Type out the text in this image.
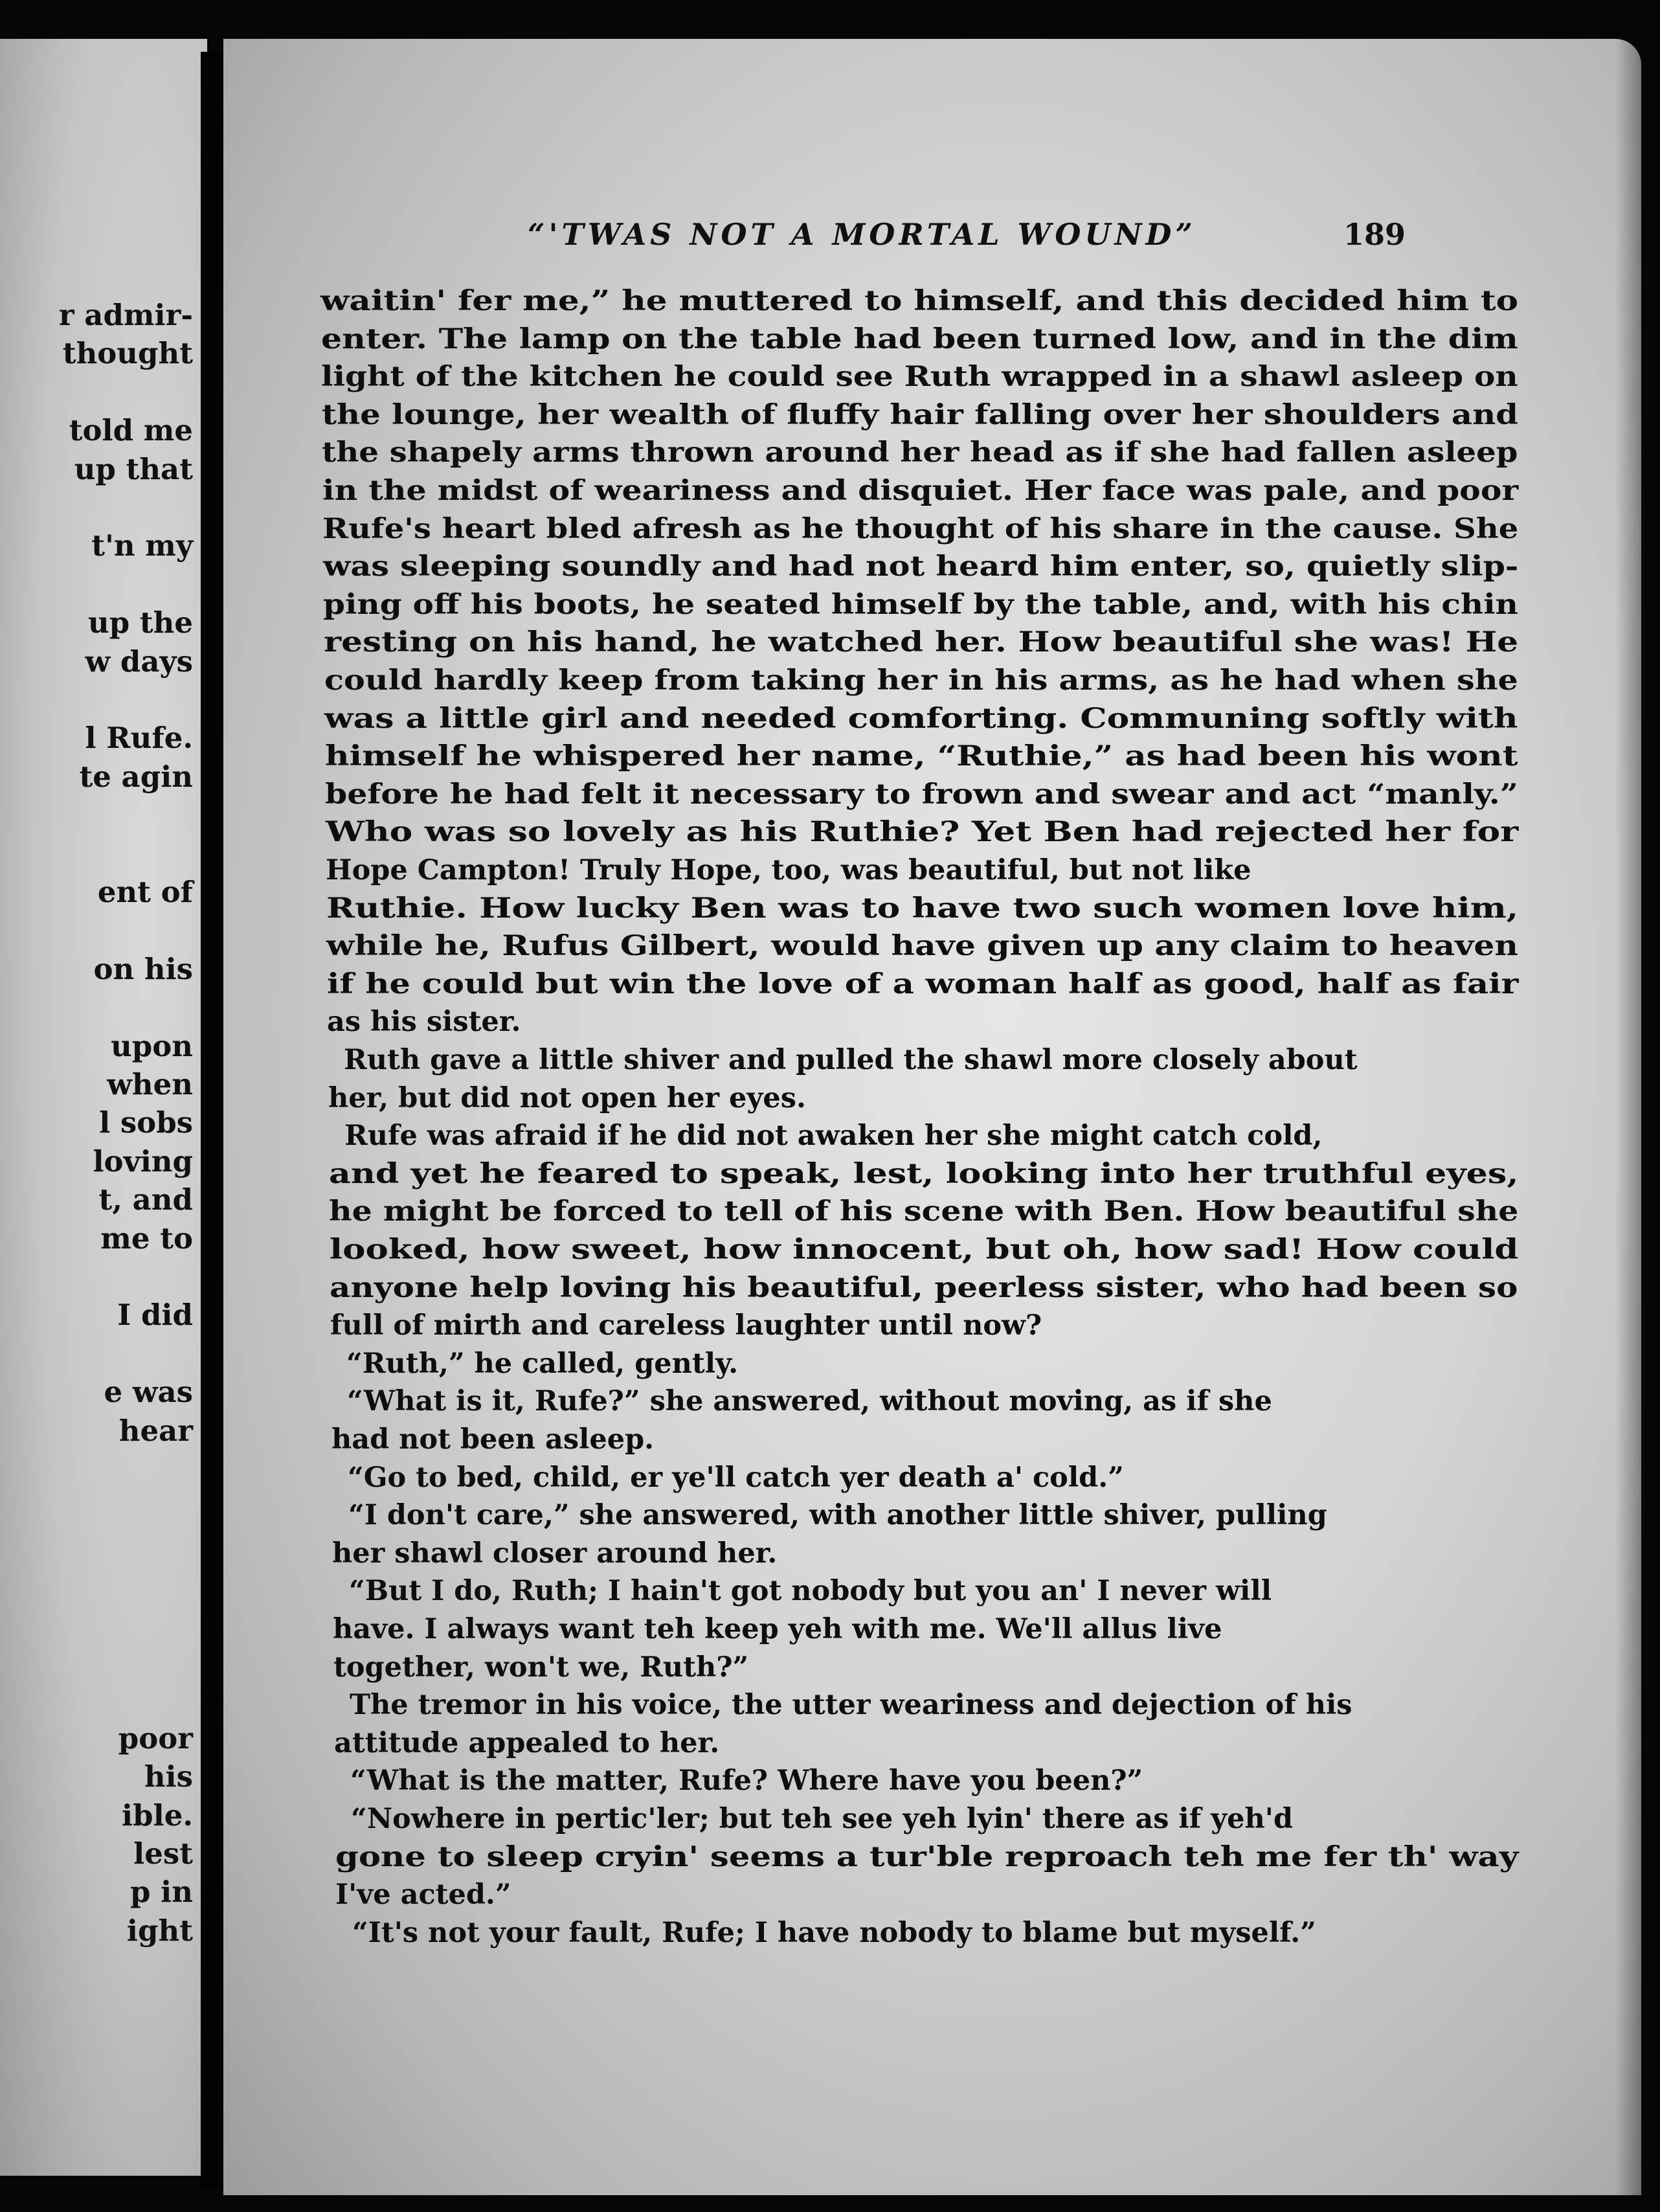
r admir-
thought
told me
up that
t'n my
up the
w days
l Rufe.
te agin
ent of
on his
upon
when
l sobs
loving
t, and
me to
I did
e was
hear
poor
his
ible.
lest
p in
ight
“'TWAS NOT A MORTAL WOUND”	189
waitin' fer me,” he muttered to himself, and this decided him to
enter. The lamp on the table had been turned low, and in the dim
light of the kitchen he could see Ruth wrapped in a shawl asleep on
the lounge, her wealth of fluffy hair falling over her shoulders and
the shapely arms thrown around her head as if she had fallen asleep
in the midst of weariness and disquiet. Her face was pale, and poor
Rufe's heart bled afresh as he thought of his share in the cause. She
was sleeping soundly and had not heard him enter, so, quietly slip-
ping off his boots, he seated himself by the table, and, with his chin
resting on his hand, he watched her. How beautiful she was! He
could hardly keep from taking her in his arms, as he had when she
was a little girl and needed comforting. Communing softly with
himself he whispered her name, “Ruthie,” as had been his wont
before he had felt it necessary to frown and swear and act “manly.”
Who was so lovely as his Ruthie? Yet Ben had rejected her for
Hope Campton! Truly Hope, too, was beautiful, but not like
Ruthie. How lucky Ben was to have two such women love him,
while he, Rufus Gilbert, would have given up any claim to heaven
if he could but win the love of a woman half as good, half as fair
as his sister.
Ruth gave a little shiver and pulled the shawl more closely about
her, but did not open her eyes.
Rufe was afraid if he did not awaken her she might catch cold,
and yet he feared to speak, lest, looking into her truthful eyes,
he might be forced to tell of his scene with Ben. How beautiful she
looked, how sweet, how innocent, but oh, how sad! How could
anyone help loving his beautiful, peerless sister, who had been so
full of mirth and careless laughter until now?
“Ruth,” he called, gently.
“What is it, Rufe?” she answered, without moving, as if she
had not been asleep.
“Go to bed, child, er ye'll catch yer death a' cold.”
“I don't care,” she answered, with another little shiver, pulling
her shawl closer around her.
“But I do, Ruth; I hain't got nobody but you an' I never will
have. I always want teh keep yeh with me. We'll allus live
together, won't we, Ruth?”
The tremor in his voice, the utter weariness and dejection of his
attitude appealed to her.
“What is the matter, Rufe? Where have you been?”
“Nowhere in pertic'ler; but teh see yeh lyin' there as if yeh'd
gone to sleep cryin' seems a tur'ble reproach teh me fer th' way
I've acted.”
“It's not your fault, Rufe; I have nobody to blame but myself.”
